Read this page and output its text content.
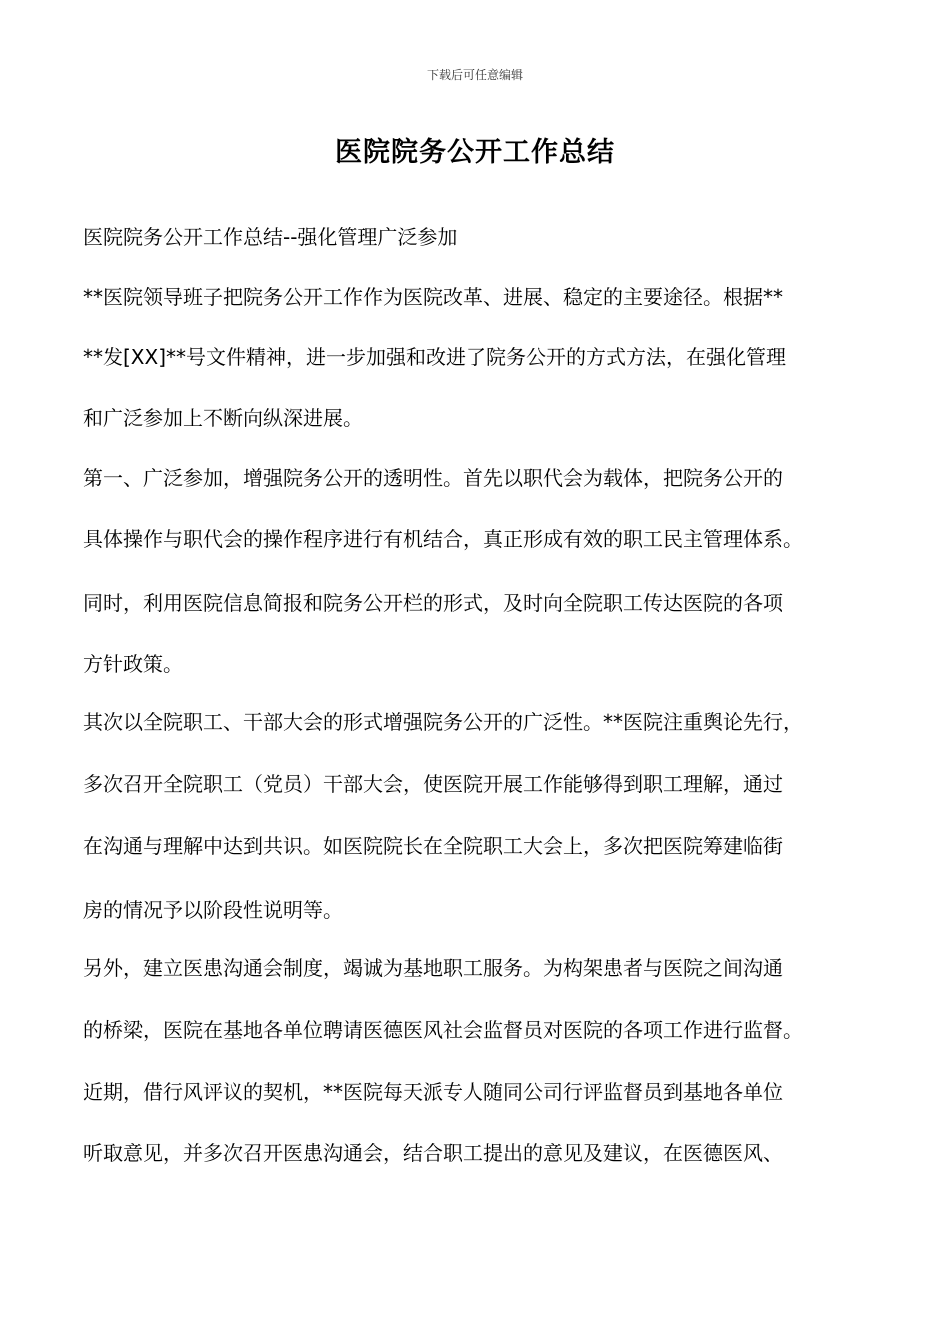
下载后可任意编辑
医院院务公开工作总结
医院院务公开工作总结--强化管理广泛参加
**医院领导班子把院务公开工作作为医院改革、进展、稳定的主要途径。根据**
**发[XX]**号文件精神，进一步加强和改进了院务公开的方式方法，在强化管理
和广泛参加上不断向纵深进展。
第一、广泛参加，增强院务公开的透明性。首先以职代会为载体，把院务公开的
具体操作与职代会的操作程序进行有机结合，真正形成有效的职工民主管理体系。
同时，利用医院信息简报和院务公开栏的形式，及时向全院职工传达医院的各项
方针政策。
其次以全院职工、干部大会的形式增强院务公开的广泛性。**医院注重舆论先行，
多次召开全院职工（党员）干部大会，使医院开展工作能够得到职工理解，通过
在沟通与理解中达到共识。如医院院长在全院职工大会上，多次把医院筹建临街
房的情况予以阶段性说明等。
另外，建立医患沟通会制度，竭诚为基地职工服务。为构架患者与医院之间沟通
的桥梁，医院在基地各单位聘请医德医风社会监督员对医院的各项工作进行监督。
近期，借行风评议的契机，**医院每天派专人随同公司行评监督员到基地各单位
听取意见，并多次召开医患沟通会，结合职工提出的意见及建议，在医德医风、
